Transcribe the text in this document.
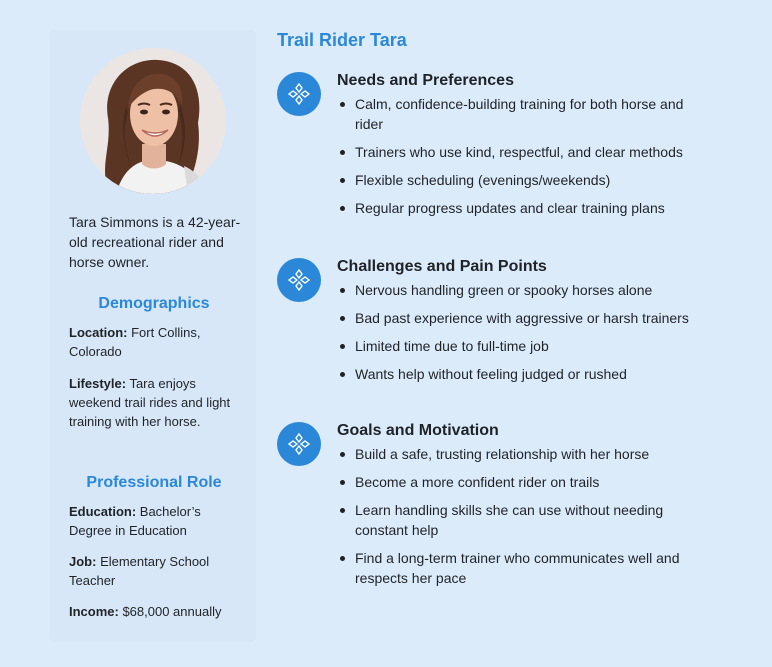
Tara Simmons is a 42-year-old recreational rider and horse owner.

Demographics

Location: Fort Collins, Colorado

Lifestyle: Tara enjoys weekend trail rides and light training with her horse.

Professional Role

Education: Bachelor’s Degree in Education

Job: Elementary School Teacher

Income: $68,000 annually

Trail Rider Tara
Needs and Preferences
Calm, confidence-building training for both horse and rider
Trainers who use kind, respectful, and clear methods
Flexible scheduling (evenings/weekends)
Regular progress updates and clear training plans
Challenges and Pain Points
Nervous handling green or spooky horses alone
Bad past experience with aggressive or harsh trainers
Limited time due to full-time job
Wants help without feeling judged or rushed
Goals and Motivation
Build a safe, trusting relationship with her horse
Become a more confident rider on trails
Learn handling skills she can use without needing constant help
Find a long-term trainer who communicates well and respects her pace
